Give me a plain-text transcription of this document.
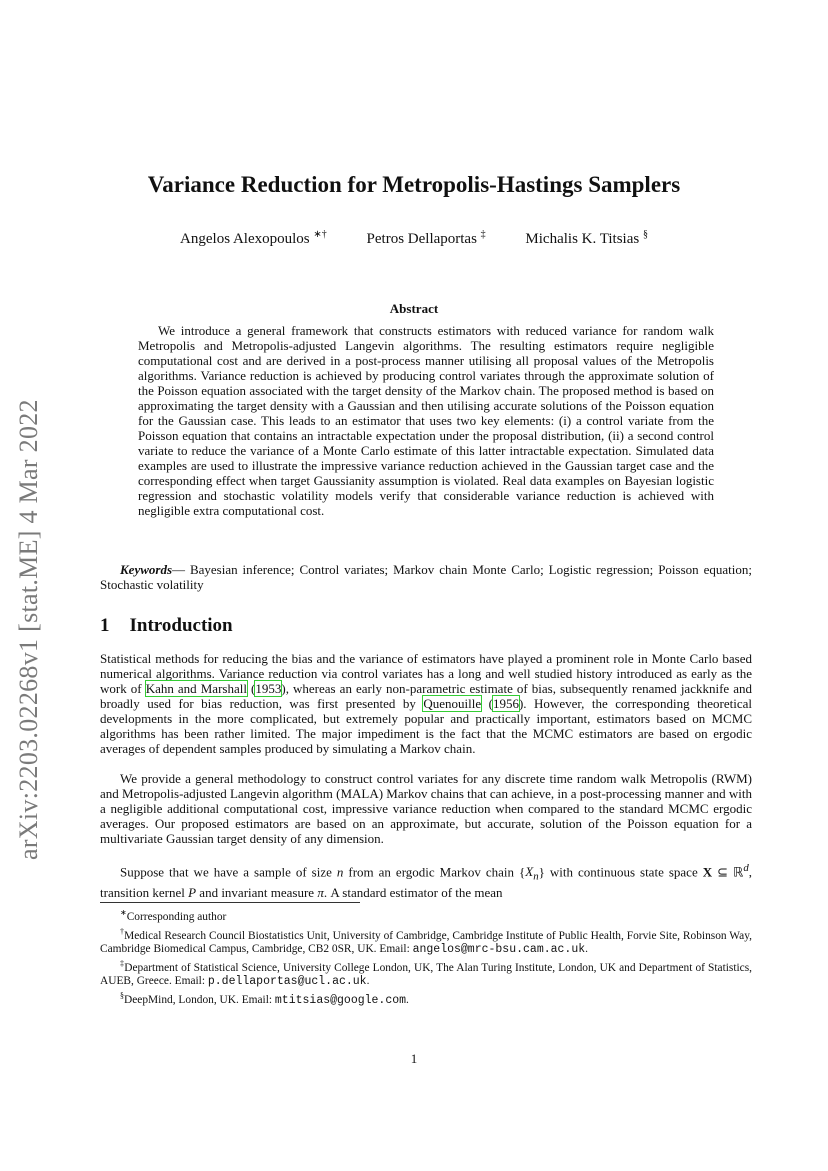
arXiv:2203.02268v1 [stat.ME] 4 Mar 2022
Variance Reduction for Metropolis-Hastings Samplers
Angelos Alexopoulos ∗†	Petros Dellaportas ‡	Michalis K. Titsias §
Abstract
We introduce a general framework that constructs estimators with reduced variance for random walk Metropolis and Metropolis-adjusted Langevin algorithms. The resulting estimators require negligible computational cost and are derived in a post-process manner utilising all proposal values of the Metropolis algorithms. Variance reduction is achieved by producing control variates through the approximate solution of the Poisson equation associated with the target density of the Markov chain. The proposed method is based on approximating the target density with a Gaussian and then utilising accurate solutions of the Poisson equation for the Gaussian case. This leads to an estimator that uses two key elements: (i) a control variate from the Poisson equation that contains an intractable expectation under the proposal distribution, (ii) a second control variate to reduce the variance of a Monte Carlo estimate of this latter intractable expectation. Simulated data examples are used to illustrate the impressive variance reduction achieved in the Gaussian target case and the corresponding effect when target Gaussianity assumption is violated. Real data examples on Bayesian logistic regression and stochastic volatility models verify that considerable variance reduction is achieved with negligible extra computational cost.
Keywords— Bayesian inference; Control variates; Markov chain Monte Carlo; Logistic regression; Poisson equation; Stochastic volatility
1 Introduction
Statistical methods for reducing the bias and the variance of estimators have played a prominent role in Monte Carlo based numerical algorithms. Variance reduction via control variates has a long and well studied history introduced as early as the work of Kahn and Marshall (1953), whereas an early non-parametric estimate of bias, subsequently renamed jackknife and broadly used for bias reduction, was first presented by Quenouille (1956). However, the corresponding theoretical developments in the more complicated, but extremely popular and practically important, estimators based on MCMC algorithms has been rather limited. The major impediment is the fact that the MCMC estimators are based on ergodic averages of dependent samples produced by simulating a Markov chain.
We provide a general methodology to construct control variates for any discrete time random walk Metropolis (RWM) and Metropolis-adjusted Langevin algorithm (MALA) Markov chains that can achieve, in a post-processing manner and with a negligible additional computational cost, impressive variance reduction when compared to the standard MCMC ergodic averages. Our proposed estimators are based on an approximate, but accurate, solution of the Poisson equation for a multivariate Gaussian target density of any dimension.
Suppose that we have a sample of size n from an ergodic Markov chain $\{X_n\}$ with continuous state space X ⊆ ℝ$^d$, transition kernel P and invariant measure π. A standard estimator of the mean

∗Corresponding author

†Medical Research Council Biostatistics Unit, University of Cambridge, Cambridge Institute of Public Health, Forvie Site, Robinson Way, Cambridge Biomedical Campus, Cambridge, CB2 0SR, UK. Email: angelos@mrc-bsu.cam.ac.uk.

‡Department of Statistical Science, University College London, UK, The Alan Turing Institute, London, UK and Department of Statistics, AUEB, Greece. Email: p.dellaportas@ucl.ac.uk.

§DeepMind, London, UK. Email: mtitsias@google.com.

1
